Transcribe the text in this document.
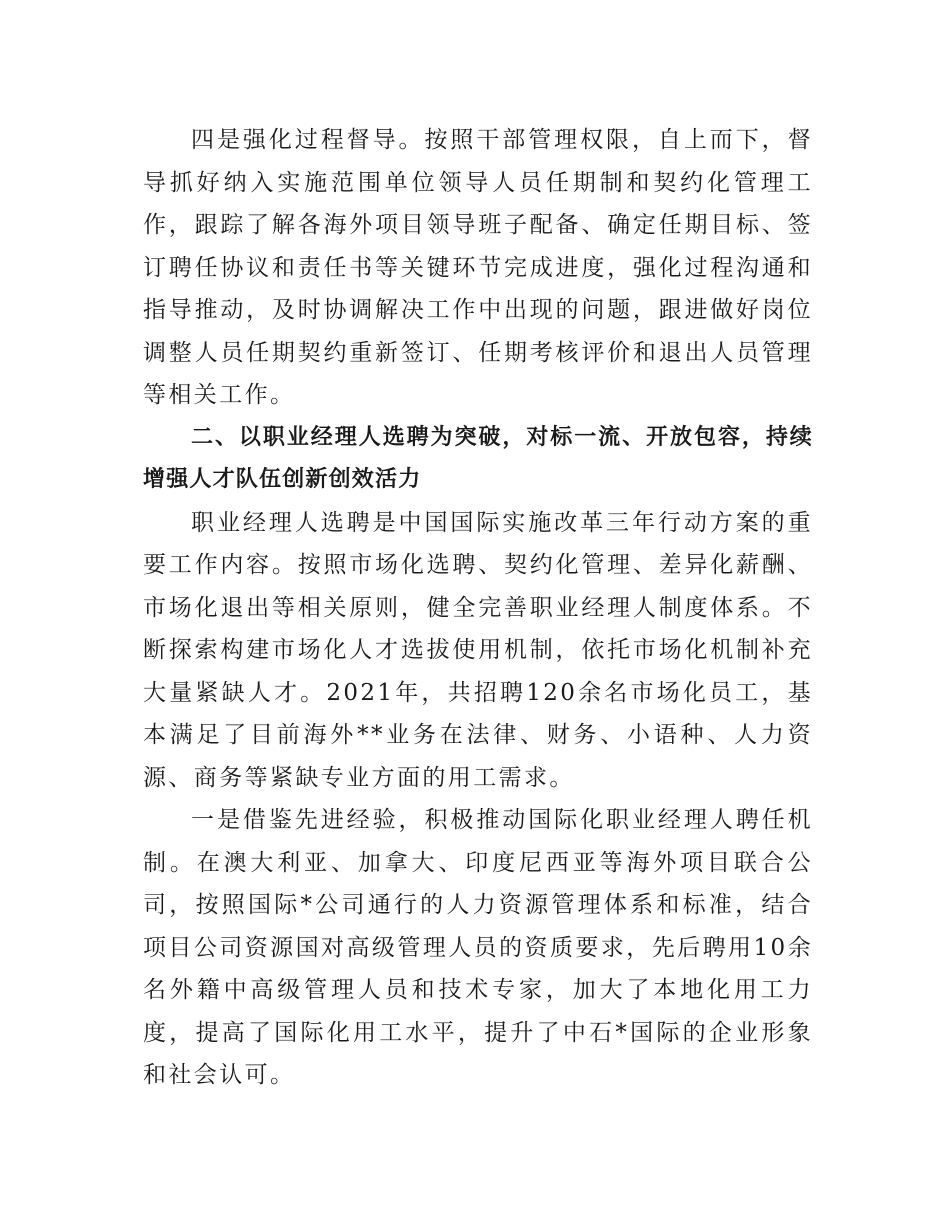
四是强化过程督导。按照干部管理权限，自上而下，督导抓好纳入实施范围单位领导人员任期制和契约化管理工作，跟踪了解各海外项目领导班子配备、确定任期目标、签订聘任协议和责任书等关键环节完成进度，强化过程沟通和指导推动，及时协调解决工作中出现的问题，跟进做好岗位调整人员任期契约重新签订、任期考核评价和退出人员管理等相关工作。

二、以职业经理人选聘为突破，对标一流、开放包容，持续增强人才队伍创新创效活力

职业经理人选聘是中国国际实施改革三年行动方案的重要工作内容。按照市场化选聘、契约化管理、差异化薪酬、市场化退出等相关原则，健全完善职业经理人制度体系。不断探索构建市场化人才选拔使用机制，依托市场化机制补充大量紧缺人才。2021年，共招聘120余名市场化员工，基本满足了目前海外**业务在法律、财务、小语种、人力资源、商务等紧缺专业方面的用工需求。

一是借鉴先进经验，积极推动国际化职业经理人聘任机制。在澳大利亚、加拿大、印度尼西亚等海外项目联合公司，按照国际*公司通行的人力资源管理体系和标准，结合项目公司资源国对高级管理人员的资质要求，先后聘用10余名外籍中高级管理人员和技术专家，加大了本地化用工力度，提高了国际化用工水平，提升了中石*国际的企业形象和社会认可。
